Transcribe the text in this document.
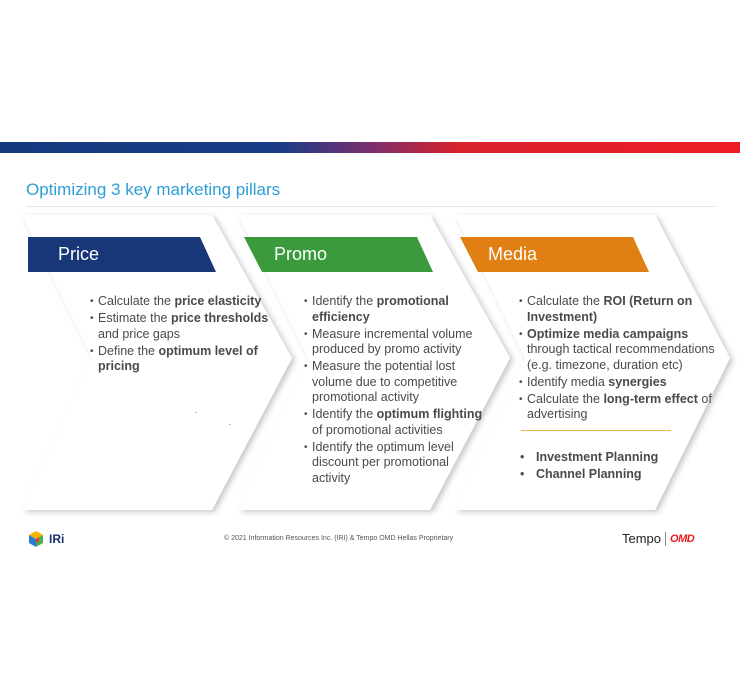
Optimizing 3 key marketing pillars
Price	Promo	Media
• Calculate the price elasticity
• Estimate the price thresholds and price gaps
• Define the optimum level of pricing
• Identify the promotional efficiency
• Measure incremental volume produced by promo activity
• Measure the potential lost volume due to competitive promotional activity
• Identify the optimum flighting of promotional activities
• Identify the optimum level discount per promotional activity
• Calculate the ROI (Return on Investment)
• Optimize media campaigns through tactical recommendations (e.g. timezone, duration etc)
• Identify media synergies
• Calculate the long-term effect of advertising
• Investment Planning
• Channel Planning
IRi	© 2021 Information Resources Inc. (IRI) & Tempo OMD Hellas Proprietary	Tempo OMD
